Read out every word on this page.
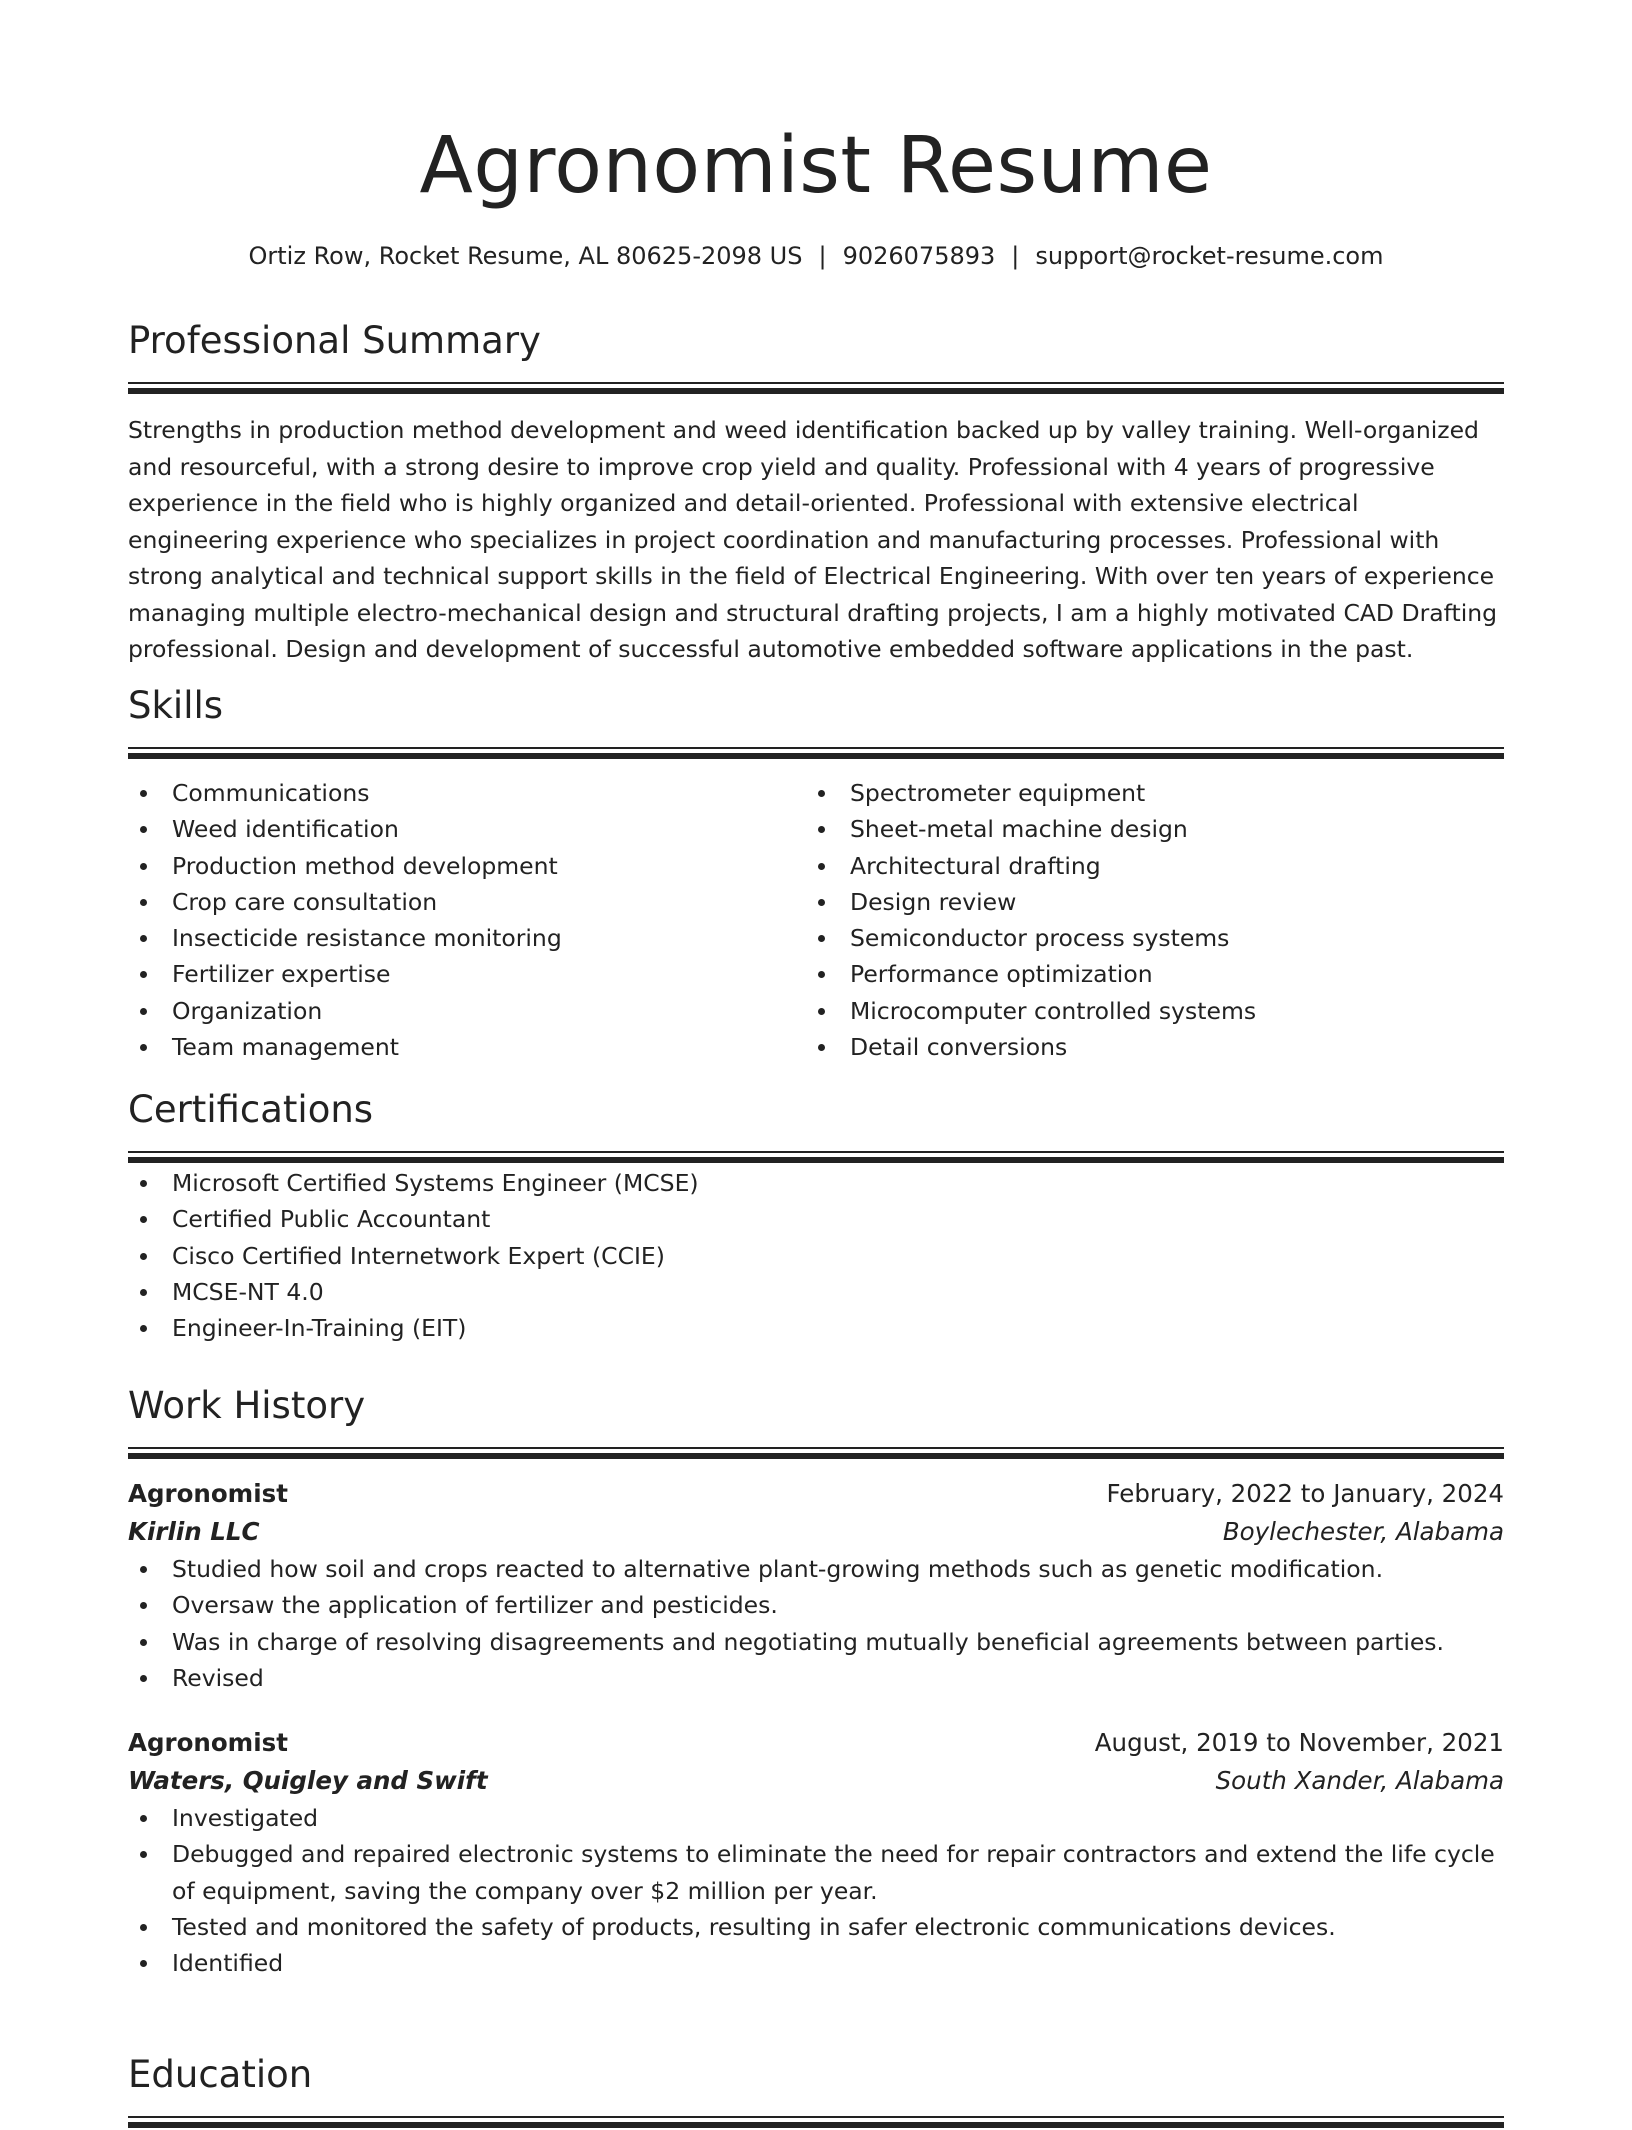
Agronomist Resume
Ortiz Row, Rocket Resume, AL 80625-2098 US | 9026075893 | support@rocket-resume.com
Professional Summary
Strengths in production method development and weed identification backed up by valley training. Well-organized and resourceful, with a strong desire to improve crop yield and quality. Professional with 4 years of progressive experience in the field who is highly organized and detail-oriented. Professional with extensive electrical engineering experience who specializes in project coordination and manufacturing processes. Professional with strong analytical and technical support skills in the field of Electrical Engineering. With over ten years of experience managing multiple electro-mechanical design and structural drafting projects, I am a highly motivated CAD Drafting professional. Design and development of successful automotive embedded software applications in the past.
Skills
Communications
Weed identification
Production method development
Crop care consultation
Insecticide resistance monitoring
Fertilizer expertise
Organization
Team management
Spectrometer equipment
Sheet-metal machine design
Architectural drafting
Design review
Semiconductor process systems
Performance optimization
Microcomputer controlled systems
Detail conversions
Certifications
Microsoft Certified Systems Engineer (MCSE)
Certified Public Accountant
Cisco Certified Internetwork Expert (CCIE)
MCSE-NT 4.0
Engineer-In-Training (EIT)
Work History
Agronomist	February, 2022 to January, 2024
Kirlin LLC	Boylechester, Alabama
Studied how soil and crops reacted to alternative plant-growing methods such as genetic modification.
Oversaw the application of fertilizer and pesticides.
Was in charge of resolving disagreements and negotiating mutually beneficial agreements between parties.
Revised
Agronomist	August, 2019 to November, 2021
Waters, Quigley and Swift	South Xander, Alabama
Investigated
Debugged and repaired electronic systems to eliminate the need for repair contractors and extend the life cycle of equipment, saving the company over $2 million per year.
Tested and monitored the safety of products, resulting in safer electronic communications devices.
Identified
Education
